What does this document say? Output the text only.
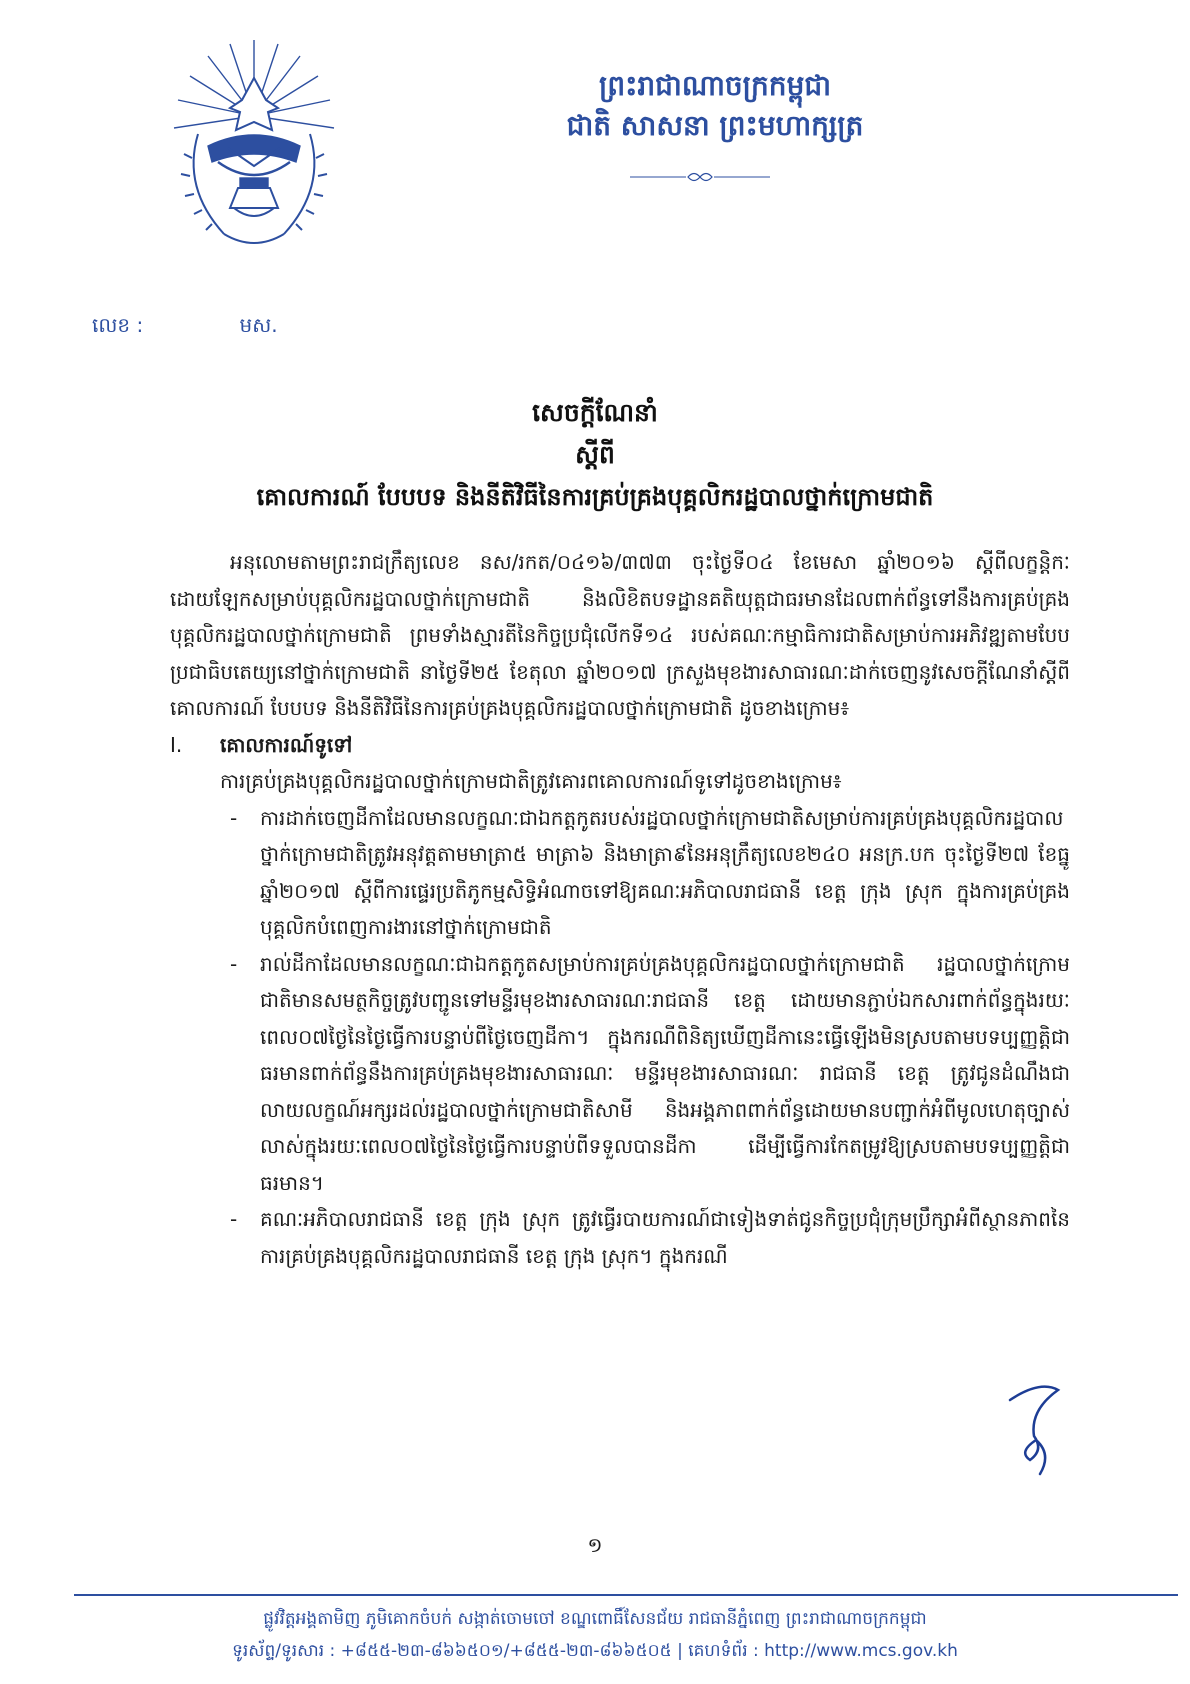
ព្រះរាជាណាចក្រកម្ពុជា
ជាតិ សាសនា ព្រះមហាក្សត្រ
លេខ :	មស.
សេចក្តីណែនាំ
ស្តីពី
គោលការណ៍ បែបបទ និងនីតិវិធីនៃការគ្រប់គ្រងបុគ្គលិករដ្ឋបាលថ្នាក់ក្រោមជាតិ

អនុលោមតាមព្រះរាជក្រឹត្យលេខ នស/រកត/០៤១៦/៣៧៣ ចុះថ្ងៃទី០៤ ខែមេសា ឆ្នាំ២០១៦ ស្តីពីលក្ខន្តិកៈដោយឡែកសម្រាប់បុគ្គលិករដ្ឋបាលថ្នាក់ក្រោមជាតិ និងលិខិតបទដ្ឋានគតិយុត្តជាធរមានដែលពាក់ព័ន្ធទៅនឹងការគ្រប់គ្រងបុគ្គលិករដ្ឋបាលថ្នាក់ក្រោមជាតិ ព្រមទាំងស្មារតីនៃកិច្ចប្រជុំលើកទី១៤ របស់គណៈកម្មាធិការជាតិសម្រាប់ការអភិវឌ្ឍតាមបែបប្រជាធិបតេយ្យនៅថ្នាក់ក្រោមជាតិ នាថ្ងៃទី២៥ ខែតុលា ឆ្នាំ២០១៧ ក្រសួងមុខងារសាធារណៈដាក់ចេញនូវសេចក្តីណែនាំស្តីពីគោលការណ៍ បែបបទ និងនីតិវិធីនៃការគ្រប់គ្រងបុគ្គលិករដ្ឋបាលថ្នាក់ក្រោមជាតិ ដូចខាងក្រោម៖

I.	គោលការណ៍ទូទៅ

ការគ្រប់គ្រងបុគ្គលិករដ្ឋបាលថ្នាក់ក្រោមជាតិត្រូវគោរពគោលការណ៍ទូទៅដូចខាងក្រោម៖

-	ការដាក់ចេញដីកាដែលមានលក្ខណៈជាឯកត្តកូតរបស់រដ្ឋបាលថ្នាក់ក្រោមជាតិសម្រាប់ការគ្រប់គ្រងបុគ្គលិករដ្ឋបាលថ្នាក់ក្រោមជាតិត្រូវអនុវត្តតាមមាត្រា៥ មាត្រា៦ និងមាត្រា៩នៃអនុក្រឹត្យលេខ២៤០ អនក្រ.បក ចុះថ្ងៃទី២៧ ខែធ្នូ ឆ្នាំ២០១៧ ស្តីពីការផ្ទេរប្រតិភូកម្មសិទ្ធិអំណាចទៅឱ្យគណៈអភិបាលរាជធានី ខេត្ត ក្រុង ស្រុក ក្នុងការគ្រប់គ្រងបុគ្គលិកបំពេញការងារនៅថ្នាក់ក្រោមជាតិ
-	រាល់ដីកាដែលមានលក្ខណៈជាឯកត្តកូតសម្រាប់ការគ្រប់គ្រងបុគ្គលិករដ្ឋបាលថ្នាក់ក្រោមជាតិ រដ្ឋបាលថ្នាក់ក្រោមជាតិមានសមត្ថកិច្ចត្រូវបញ្ជូនទៅមន្ទីរមុខងារសាធារណៈរាជធានី ខេត្ត ដោយមានភ្ជាប់ឯកសារពាក់ព័ន្ធក្នុងរយៈពេល០៧ថ្ងៃនៃថ្ងៃធ្វើការបន្ទាប់ពីថ្ងៃចេញដីកា។ ក្នុងករណីពិនិត្យឃើញដីកានេះធ្វើឡើងមិនស្របតាមបទប្បញ្ញត្តិជាធរមានពាក់ព័ន្ធនឹងការគ្រប់គ្រងមុខងារសាធារណៈ មន្ទីរមុខងារសាធារណៈ រាជធានី ខេត្ត ត្រូវជូនដំណឹងជាលាយលក្ខណ៍អក្សរដល់រដ្ឋបាលថ្នាក់ក្រោមជាតិសាមី និងអង្គភាពពាក់ព័ន្ធដោយមានបញ្ជាក់អំពីមូលហេតុច្បាស់លាស់ក្នុងរយៈពេល០៧ថ្ងៃនៃថ្ងៃធ្វើការបន្ទាប់ពីទទួលបានដីកា ដើម្បីធ្វើការកែតម្រូវឱ្យស្របតាមបទប្បញ្ញត្តិជាធរមាន។
-	គណៈអភិបាលរាជធានី ខេត្ត ក្រុង ស្រុក ត្រូវធ្វើរបាយការណ៍ជាទៀងទាត់ជូនកិច្ចប្រជុំក្រុមប្រឹក្សាអំពីស្ថានភាពនៃការគ្រប់គ្រងបុគ្គលិករដ្ឋបាលរាជធានី ខេត្ត ក្រុង ស្រុក។ ក្នុងករណី
១
ផ្លូវវិត្តអង្គតាមិញ ភូមិគោកចំបក់ សង្កាត់ចោមចៅ ខណ្ឌពោធិ៍សែនជ័យ រាជធានីភ្នំពេញ ព្រះរាជាណាចក្រកម្ពុជា
ទូរស័ព្ទ/ទូរសារ : +៨៥៥-២៣-៨៦៦៥០១/+៨៥៥-២៣-៨៦៦៥០៥ | គេហទំព័រ : http://www.mcs.gov.kh
